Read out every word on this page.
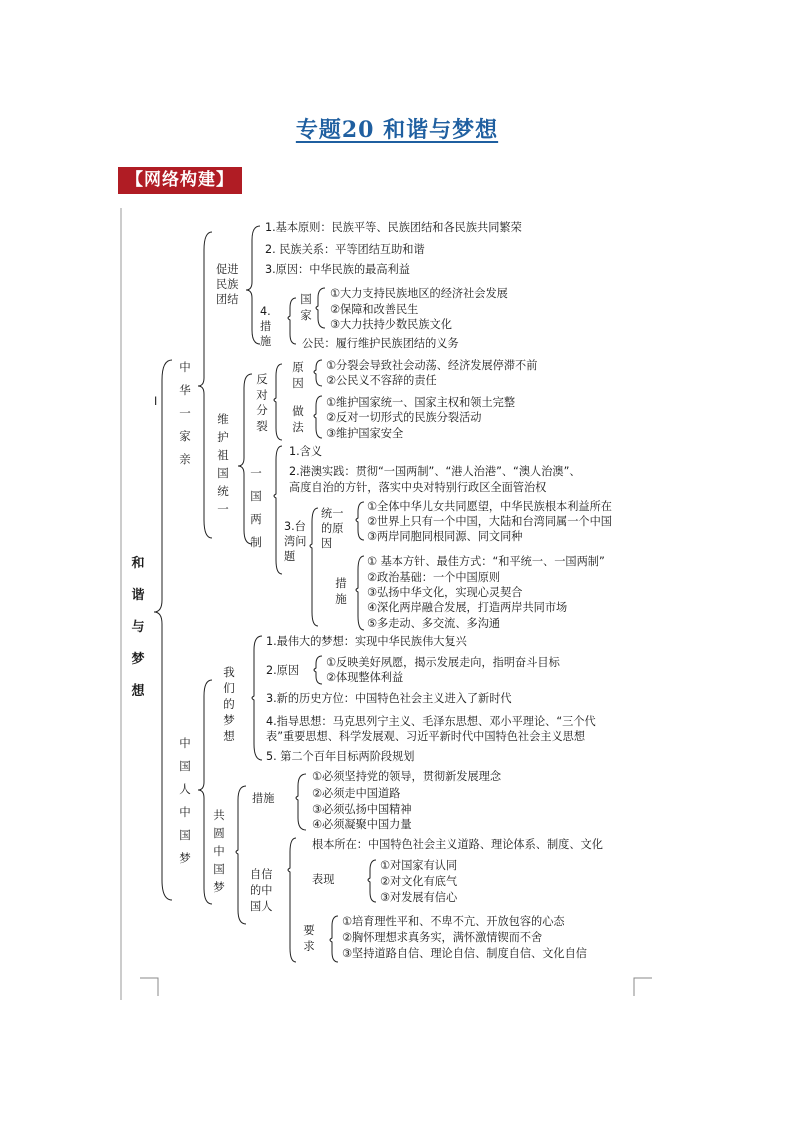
专题20 和谐与梦想
【网络构建】
I
和谐与梦想
中华一家亲
促进民族团结
1.基本原则：民族平等、民族团结和各民族共同繁荣
2. 民族关系：平等团结互助和谐
3.原因：中华民族的最高利益
4.措施
国家
①大力支持民族地区的经济社会发展
②保障和改善民生
③大力扶持少数民族文化
公民：履行维护民族团结的义务
维护祖国统一
反对分裂
原因
①分裂会导致社会动荡、经济发展停滞不前
②公民义不容辞的责任
做法
①维护国家统一、国家主权和领土完整
②反对一切形式的民族分裂活动
③维护国家安全
一国两制
1.含义
2.港澳实践：贯彻“一国两制”、“港人治港”、“澳人治澳”、
高度自治的方针，落实中央对特别行政区全面管治权
3.台湾问题
统一的原因
①全体中华儿女共同愿望，中华民族根本利益所在
②世界上只有一个中国，大陆和台湾同属一个中国
③两岸同胞同根同源、同文同种
措施
① 基本方针、最佳方式：“和平统一、一国两制”
②政治基础：一个中国原则
③弘扬中华文化，实现心灵契合
④深化两岸融合发展，打造两岸共同市场
⑤多走动、多交流、多沟通
中国人中国梦
我们的梦想
1.最伟大的梦想：实现中华民族伟大复兴
2.原因
①反映美好夙愿，揭示发展走向，指明奋斗目标
②体现整体利益
3.新的历史方位：中国特色社会主义进入了新时代
4.指导思想：马克思列宁主义、毛泽东思想、邓小平理论、“三个代
表”重要思想、科学发展观、习近平新时代中国特色社会主义思想
5. 第二个百年目标两阶段规划
共圆中国梦
措施
①必须坚持党的领导，贯彻新发展理念
②必须走中国道路
③必须弘扬中国精神
④必须凝聚中国力量
自信的中国人
根本所在：中国特色社会主义道路、理论体系、制度、文化
表现
①对国家有认同
②对文化有底气
③对发展有信心
要求
①培育理性平和、不卑不亢、开放包容的心态
②胸怀理想求真务实，满怀激情锲而不舍
③坚持道路自信、理论自信、制度自信、文化自信
